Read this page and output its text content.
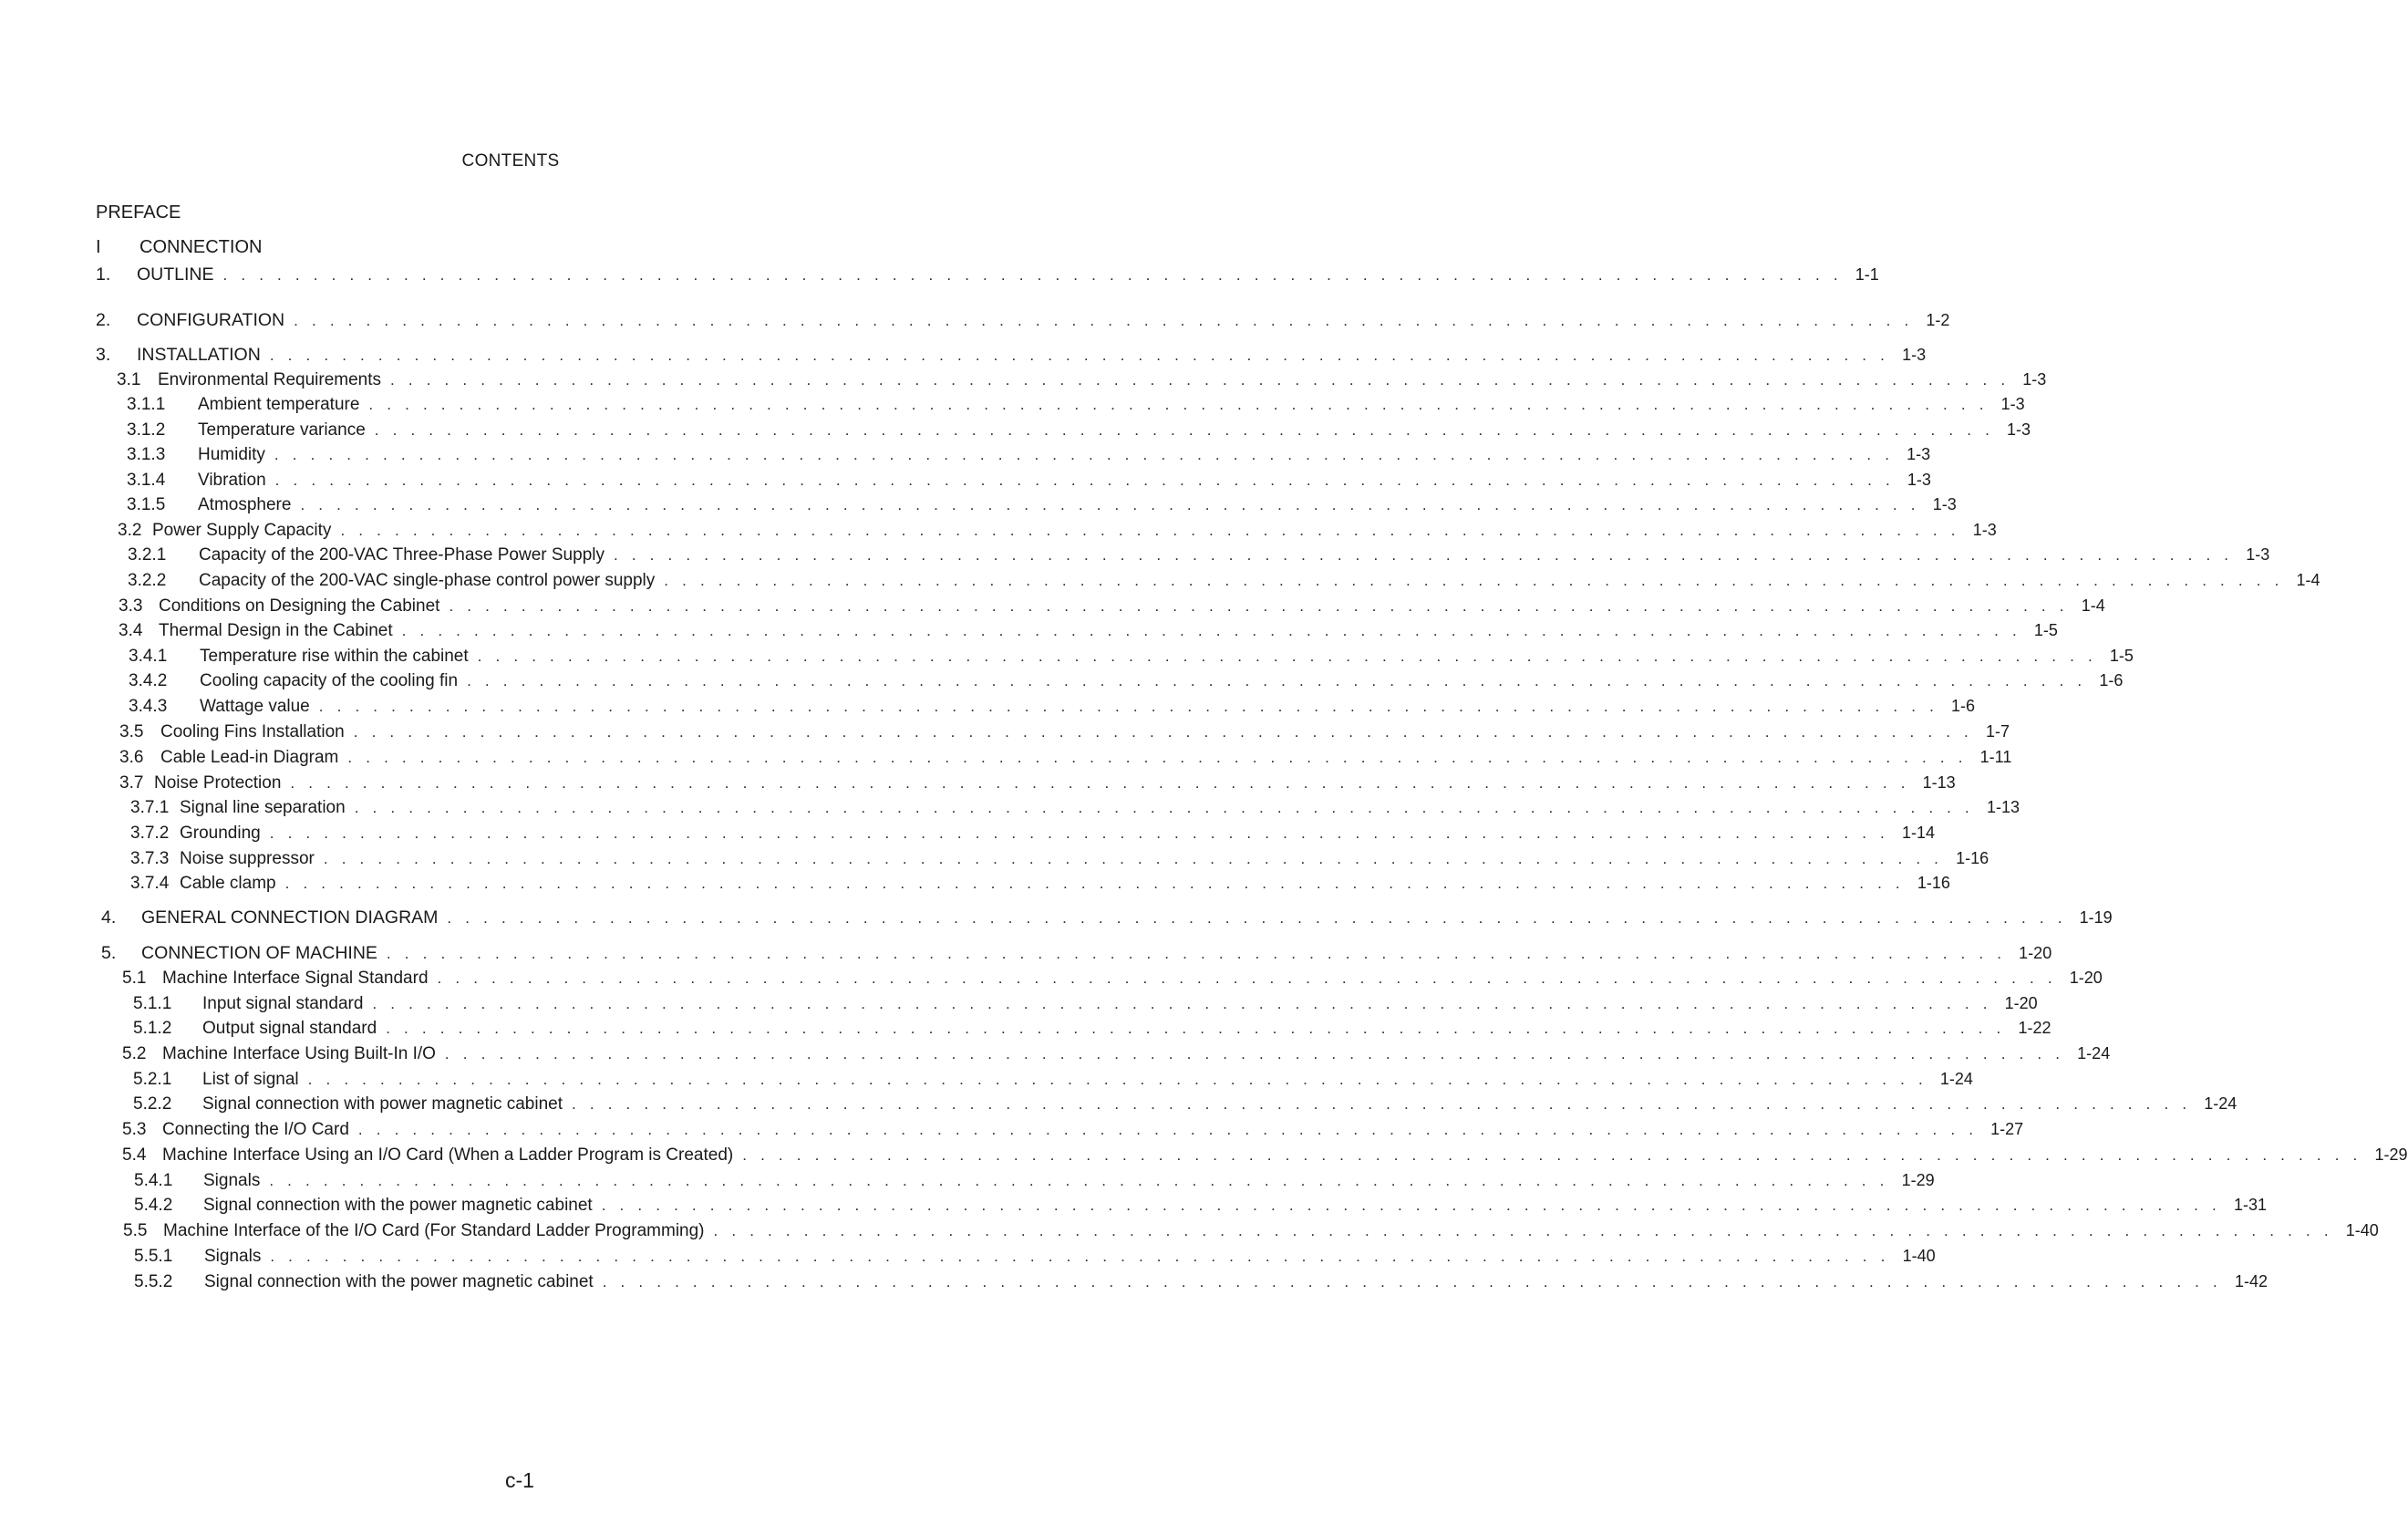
CONTENTS
PREFACE
I CONNECTION
1.	OUTLINE . . . . . . . . . . . . . . . . . . . . . . . . . . . . . . . . . . . . . . . . . . . . . . . . . . . . . . . . . . . . . . . . . . . . . . . . . . . . . . . . . . . . . . . . . . 1-1
2.	CONFIGURATION . . . . . . . . . . . . . . . . . . . . . . . . . . . . . . . . . . . . . . . . . . . . . . . . . . . . . . . . . . . . . . . . . . . . . . . . . . . . . . . . . . . . . . . . . . 1-2
3.	INSTALLATION . . . . . . . . . . . . . . . . . . . . . . . . . . . . . . . . . . . . . . . . . . . . . . . . . . . . . . . . . . . . . . . . . . . . . . . . . . . . . . . . . . . . . . . . . . 1-3
3.1 Environmental Requirements . . . . . . . . . . . . . . . . . . . . . . . . . . . . . . . . . . . . . . . . . . . . . . . . . . . . . . . . . . . . . . . . . . . . . . . . . . . . . . . . . . . . . . . . . . 1-3
3.1.1	Ambient temperature . . . . . . . . . . . . . . . . . . . . . . . . . . . . . . . . . . . . . . . . . . . . . . . . . . . . . . . . . . . . . . . . . . . . . . . . . . . . . . . . . . . . . . . . . . 1-3
3.1.2	Temperature variance . . . . . . . . . . . . . . . . . . . . . . . . . . . . . . . . . . . . . . . . . . . . . . . . . . . . . . . . . . . . . . . . . . . . . . . . . . . . . . . . . . . . . . . . . . 1-3
3.1.3	Humidity . . . . . . . . . . . . . . . . . . . . . . . . . . . . . . . . . . . . . . . . . . . . . . . . . . . . . . . . . . . . . . . . . . . . . . . . . . . . . . . . . . . . . . . . . . 1-3
3.1.4	Vibration . . . . . . . . . . . . . . . . . . . . . . . . . . . . . . . . . . . . . . . . . . . . . . . . . . . . . . . . . . . . . . . . . . . . . . . . . . . . . . . . . . . . . . . . . . 1-3
3.1.5	Atmosphere . . . . . . . . . . . . . . . . . . . . . . . . . . . . . . . . . . . . . . . . . . . . . . . . . . . . . . . . . . . . . . . . . . . . . . . . . . . . . . . . . . . . . . . . . . 1-3
3.2 Power Supply Capacity . . . . . . . . . . . . . . . . . . . . . . . . . . . . . . . . . . . . . . . . . . . . . . . . . . . . . . . . . . . . . . . . . . . . . . . . . . . . . . . . . . . . . . . . . . 1-3
3.2.1	Capacity of the 200-VAC Three-Phase Power Supply . . . . . . . . . . . . . . . . . . . . . . . . . . . . . . . . . . . . . . . . . . . . . . . . . . . . . . . . . . . . . . . . . . . . . . . . . . . . . . . . . . . . . . . . . . 1-3
3.2.2	Capacity of the 200-VAC single-phase control power supply . . . . . . . . . . . . . . . . . . . . . . . . . . . . . . . . . . . . . . . . . . . . . . . . . . . . . . . . . . . . . . . . . . . . . . . . . . . . . . . . . . . . . . . . . . 1-4
3.3 Conditions on Designing the Cabinet . . . . . . . . . . . . . . . . . . . . . . . . . . . . . . . . . . . . . . . . . . . . . . . . . . . . . . . . . . . . . . . . . . . . . . . . . . . . . . . . . . . . . . . . . . 1-4
3.4 Thermal Design in the Cabinet . . . . . . . . . . . . . . . . . . . . . . . . . . . . . . . . . . . . . . . . . . . . . . . . . . . . . . . . . . . . . . . . . . . . . . . . . . . . . . . . . . . . . . . . . . 1-5
3.4.1	Temperature rise within the cabinet . . . . . . . . . . . . . . . . . . . . . . . . . . . . . . . . . . . . . . . . . . . . . . . . . . . . . . . . . . . . . . . . . . . . . . . . . . . . . . . . . . . . . . . . . . 1-5
3.4.2	Cooling capacity of the cooling fin . . . . . . . . . . . . . . . . . . . . . . . . . . . . . . . . . . . . . . . . . . . . . . . . . . . . . . . . . . . . . . . . . . . . . . . . . . . . . . . . . . . . . . . . . . 1-6
3.4.3	Wattage value . . . . . . . . . . . . . . . . . . . . . . . . . . . . . . . . . . . . . . . . . . . . . . . . . . . . . . . . . . . . . . . . . . . . . . . . . . . . . . . . . . . . . . . . . . 1-6
3.5 Cooling Fins Installation . . . . . . . . . . . . . . . . . . . . . . . . . . . . . . . . . . . . . . . . . . . . . . . . . . . . . . . . . . . . . . . . . . . . . . . . . . . . . . . . . . . . . . . . . . 1-7
3.6 Cable Lead-in Diagram . . . . . . . . . . . . . . . . . . . . . . . . . . . . . . . . . . . . . . . . . . . . . . . . . . . . . . . . . . . . . . . . . . . . . . . . . . . . . . . . . . . . . . . . . . 1-11
3.7 Noise Protection . . . . . . . . . . . . . . . . . . . . . . . . . . . . . . . . . . . . . . . . . . . . . . . . . . . . . . . . . . . . . . . . . . . . . . . . . . . . . . . . . . . . . . . . . . 1-13
3.7.1 Signal line separation . . . . . . . . . . . . . . . . . . . . . . . . . . . . . . . . . . . . . . . . . . . . . . . . . . . . . . . . . . . . . . . . . . . . . . . . . . . . . . . . . . . . . . . . . . 1-13
3.7.2 Grounding . . . . . . . . . . . . . . . . . . . . . . . . . . . . . . . . . . . . . . . . . . . . . . . . . . . . . . . . . . . . . . . . . . . . . . . . . . . . . . . . . . . . . . . . . . 1-14
3.7.3 Noise suppressor . . . . . . . . . . . . . . . . . . . . . . . . . . . . . . . . . . . . . . . . . . . . . . . . . . . . . . . . . . . . . . . . . . . . . . . . . . . . . . . . . . . . . . . . . . 1-16
3.7.4 Cable clamp . . . . . . . . . . . . . . . . . . . . . . . . . . . . . . . . . . . . . . . . . . . . . . . . . . . . . . . . . . . . . . . . . . . . . . . . . . . . . . . . . . . . . . . . . . 1-16
4.	GENERAL CONNECTION DIAGRAM . . . . . . . . . . . . . . . . . . . . . . . . . . . . . . . . . . . . . . . . . . . . . . . . . . . . . . . . . . . . . . . . . . . . . . . . . . . . . . . . . . . . . . . . . . 1-19
5.	CONNECTION OF MACHINE . . . . . . . . . . . . . . . . . . . . . . . . . . . . . . . . . . . . . . . . . . . . . . . . . . . . . . . . . . . . . . . . . . . . . . . . . . . . . . . . . . . . . . . . . . 1-20
5.1 Machine Interface Signal Standard . . . . . . . . . . . . . . . . . . . . . . . . . . . . . . . . . . . . . . . . . . . . . . . . . . . . . . . . . . . . . . . . . . . . . . . . . . . . . . . . . . . . . . . . . . 1-20
5.1.1	Input signal standard . . . . . . . . . . . . . . . . . . . . . . . . . . . . . . . . . . . . . . . . . . . . . . . . . . . . . . . . . . . . . . . . . . . . . . . . . . . . . . . . . . . . . . . . . . 1-20
5.1.2	Output signal standard . . . . . . . . . . . . . . . . . . . . . . . . . . . . . . . . . . . . . . . . . . . . . . . . . . . . . . . . . . . . . . . . . . . . . . . . . . . . . . . . . . . . . . . . . . 1-22
5.2 Machine Interface Using Built-In I/O . . . . . . . . . . . . . . . . . . . . . . . . . . . . . . . . . . . . . . . . . . . . . . . . . . . . . . . . . . . . . . . . . . . . . . . . . . . . . . . . . . . . . . . . . . 1-24
5.2.1	List of signal . . . . . . . . . . . . . . . . . . . . . . . . . . . . . . . . . . . . . . . . . . . . . . . . . . . . . . . . . . . . . . . . . . . . . . . . . . . . . . . . . . . . . . . . . . 1-24
5.2.2	Signal connection with power magnetic cabinet . . . . . . . . . . . . . . . . . . . . . . . . . . . . . . . . . . . . . . . . . . . . . . . . . . . . . . . . . . . . . . . . . . . . . . . . . . . . . . . . . . . . . . . . . . 1-24
5.3 Connecting the I/O Card . . . . . . . . . . . . . . . . . . . . . . . . . . . . . . . . . . . . . . . . . . . . . . . . . . . . . . . . . . . . . . . . . . . . . . . . . . . . . . . . . . . . . . . . . . 1-27
5.4 Machine Interface Using an I/O Card (When a Ladder Program is Created) . . . . . . . . . . . . . . . . . . . . . . . . . . . . . . . . . . . . . . . . . . . . . . . . . . . . . . . . . . . . . . . . . . . . . . . . . . . . . . . . . . . . . . . . . . 1-29
5.4.1	Signals . . . . . . . . . . . . . . . . . . . . . . . . . . . . . . . . . . . . . . . . . . . . . . . . . . . . . . . . . . . . . . . . . . . . . . . . . . . . . . . . . . . . . . . . . . 1-29
5.4.2	Signal connection with the power magnetic cabinet . . . . . . . . . . . . . . . . . . . . . . . . . . . . . . . . . . . . . . . . . . . . . . . . . . . . . . . . . . . . . . . . . . . . . . . . . . . . . . . . . . . . . . . . . . 1-31
5.5 Machine Interface of the I/O Card (For Standard Ladder Programming) . . . . . . . . . . . . . . . . . . . . . . . . . . . . . . . . . . . . . . . . . . . . . . . . . . . . . . . . . . . . . . . . . . . . . . . . . . . . . . . . . . . . . . . . . . 1-40
5.5.1	Signals . . . . . . . . . . . . . . . . . . . . . . . . . . . . . . . . . . . . . . . . . . . . . . . . . . . . . . . . . . . . . . . . . . . . . . . . . . . . . . . . . . . . . . . . . . 1-40
5.5.2	Signal connection with the power magnetic cabinet . . . . . . . . . . . . . . . . . . . . . . . . . . . . . . . . . . . . . . . . . . . . . . . . . . . . . . . . . . . . . . . . . . . . . . . . . . . . . . . . . . . . . . . . . . 1-42
c-1
